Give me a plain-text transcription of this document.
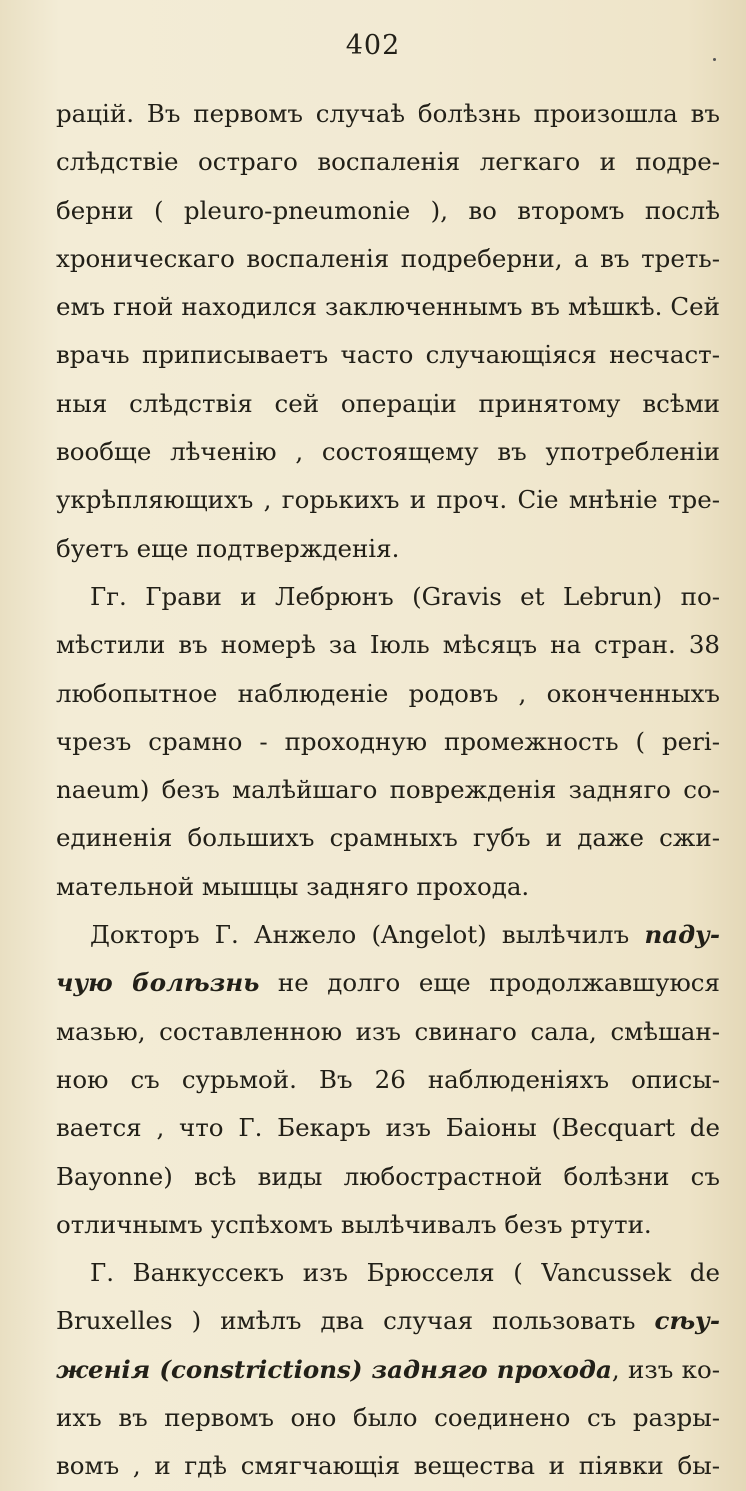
402
рацій. Въ первомъ случаѣ болѣзнь произошла въ
слѣдствіе остраго воспаленія легкаго и подре-
берни ( pleuro-pneumonie ), во второмъ послѣ
хроническаго воспаленія подреберни, а въ треть-
емъ гной находился заключеннымъ въ мѣшкѣ. Сей
врачь приписываетъ часто случающіяся несчаст-
ныя слѣдствія сей операціи принятому всѣми
вообще лѣченію , состоящему въ употребленіи
укрѣпляющихъ , горькихъ и проч. Сіе мнѣніе тре-
буетъ еще подтвержденія.
Гг. Грави и Лебрюнъ (Gravis et Lebrun) по-
мѣстили въ номерѣ за Іюль мѣсяцъ на стран. 38
любопытное наблюденіе родовъ , оконченныхъ
чрезъ срамно - проходную промежность ( peri-
naeum) безъ малѣйшаго поврежденія задняго со-
единенія большихъ срамныхъ губъ и даже сжи-
мательной мышцы задняго прохода.
Докторъ Г. Анжело (Angelot) вылѣчилъ паду-
чую болѣзнь не долго еще продолжавшуюся
мазью, составленною изъ свинаго сала, смѣшан-
ною съ сурьмой. Въ 26 наблюденіяхъ описы-
вается , что Г. Бекаръ изъ Баіоны (Becquart de
Bayonne) всѣ виды любострастной болѣзни съ
отличнымъ успѣхомъ вылѣчивалъ безъ ртути.
Г. Ванкуссекъ изъ Брюсселя ( Vancussek de
Bruxelles ) имѣлъ два случая пользовать сѣу-
женія (constrictions) задняго прохода, изъ ко-
ихъ въ первомъ оно было соединено съ разры-
вомъ , и гдѣ смягчающія вещества и піявки бы-
